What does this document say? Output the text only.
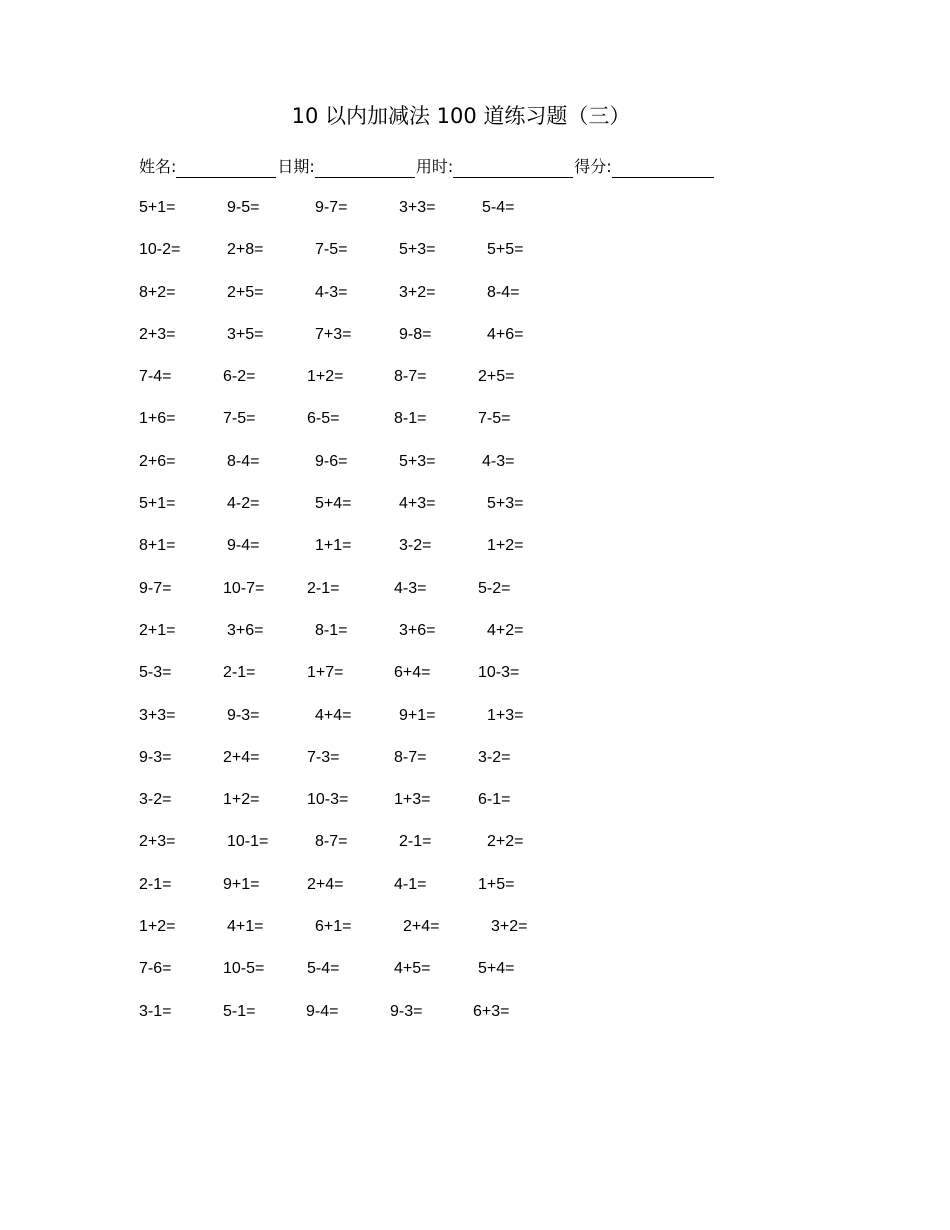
10 以内加减法 100 道练习题（三）
姓名:	日期:	用时:	得分:
5+1=	9-5=	9-7=	3+3=	5-4=
10-2=	2+8=	7-5=	5+3=	5+5=
8+2=	2+5=	4-3=	3+2=	8-4=
2+3=	3+5=	7+3=	9-8=	4+6=
7-4=	6-2=	1+2=	8-7=	2+5=
1+6=	7-5=	6-5=	8-1=	7-5=
2+6=	8-4=	9-6=	5+3=	4-3=
5+1=	4-2=	5+4=	4+3=	5+3=
8+1=	9-4=	1+1=	3-2=	1+2=
9-7=	10-7=	2-1=	4-3=	5-2=
2+1=	3+6=	8-1=	3+6=	4+2=
5-3=	2-1=	1+7=	6+4=	10-3=
3+3=	9-3=	4+4=	9+1=	1+3=
9-3=	2+4=	7-3=	8-7=	3-2=
3-2=	1+2=	10-3=	1+3=	6-1=
2+3=	10-1=	8-7=	2-1=	2+2=
2-1=	9+1=	2+4=	4-1=	1+5=
1+2=	4+1=	6+1=	2+4=	3+2=
7-6=	10-5=	5-4=	4+5=	5+4=
3-1=	5-1=	9-4=	9-3=	6+3=
